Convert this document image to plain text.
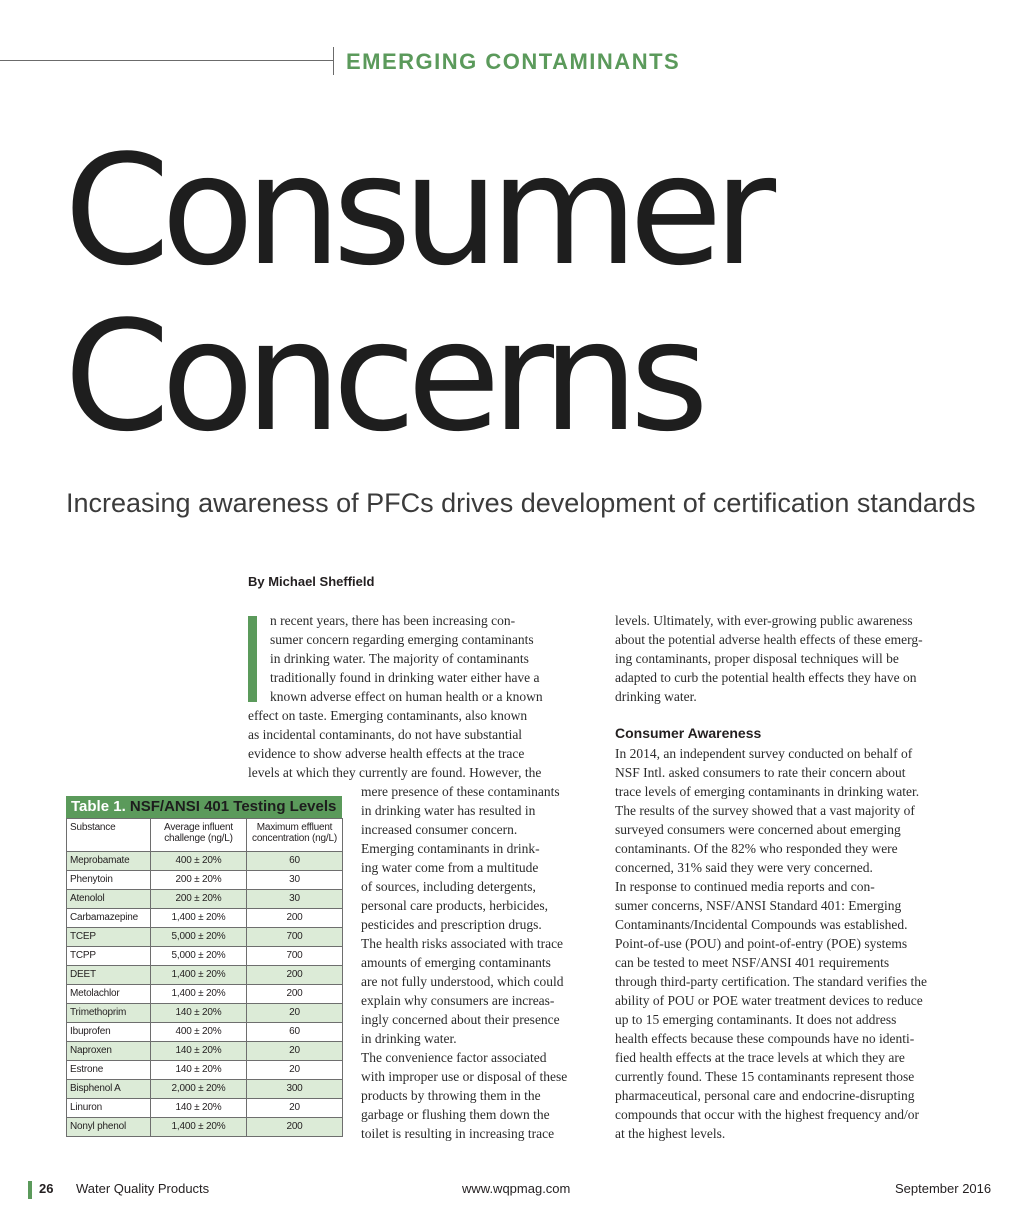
EMERGING CONTAMINANTS
Consumer
Concerns
Increasing awareness of PFCs drives development of certification standards
By Michael Sheffield
n recent years, there has been increasing con-
sumer concern regarding emerging contaminants
in drinking water. The majority of contaminants
traditionally found in drinking water either have a
known adverse effect on human health or a known
effect on taste. Emerging contaminants, also known
as incidental contaminants, do not have substantial
evidence to show adverse health effects at the trace
levels at which they currently are found. However, the
mere presence of these contaminants
in drinking water has resulted in
increased consumer concern.
Emerging contaminants in drink-
ing water come from a multitude
of sources, including detergents,
personal care products, herbicides,
pesticides and prescription drugs.
The health risks associated with trace
amounts of emerging contaminants
are not fully understood, which could
explain why consumers are increas-
ingly concerned about their presence
in drinking water.
The convenience factor associated
with improper use or disposal of these
products by throwing them in the
garbage or flushing them down the
toilet is resulting in increasing trace
levels. Ultimately, with ever-growing public awareness
about the potential adverse health effects of these emerg-
ing contaminants, proper disposal techniques will be
adapted to curb the potential health effects they have on
drinking water.
Consumer Awareness
In 2014, an independent survey conducted on behalf of
NSF Intl. asked consumers to rate their concern about
trace levels of emerging contaminants in drinking water.
The results of the survey showed that a vast majority of
surveyed consumers were concerned about emerging
contaminants. Of the 82% who responded they were
concerned, 31% said they were very concerned.
In response to continued media reports and con-
sumer concerns, NSF/ANSI Standard 401: Emerging
Contaminants/Incidental Compounds was established.
Point-of-use (POU) and point-of-entry (POE) systems
can be tested to meet NSF/ANSI 401 requirements
through third-party certification. The standard verifies the
ability of POU or POE water treatment devices to reduce
up to 15 emerging contaminants. It does not address
health effects because these compounds have no identi-
fied health effects at the trace levels at which they are
currently found. These 15 contaminants represent those
pharmaceutical, personal care and endocrine-disrupting
compounds that occur with the highest frequency and/or
at the highest levels.
Table 1. NSF/ANSI 401 Testing Levels
Substance	Average influent challenge (ng/L)	Maximum effluent concentration (ng/L)

Meprobamate	400 ± 20%	60
Phenytoin	200 ± 20%	30
Atenolol	200 ± 20%	30
Carbamazepine	1,400 ± 20%	200
TCEP	5,000 ± 20%	700
TCPP	5,000 ± 20%	700
DEET	1,400 ± 20%	200
Metolachlor	1,400 ± 20%	200
Trimethoprim	140 ± 20%	20
Ibuprofen	400 ± 20%	60
Naproxen	140 ± 20%	20
Estrone	140 ± 20%	20
Bisphenol A	2,000 ± 20%	300
Linuron	140 ± 20%	20
Nonyl phenol	1,400 ± 20%	200
26 Water Quality Products	www.wqpmag.com	September 2016
